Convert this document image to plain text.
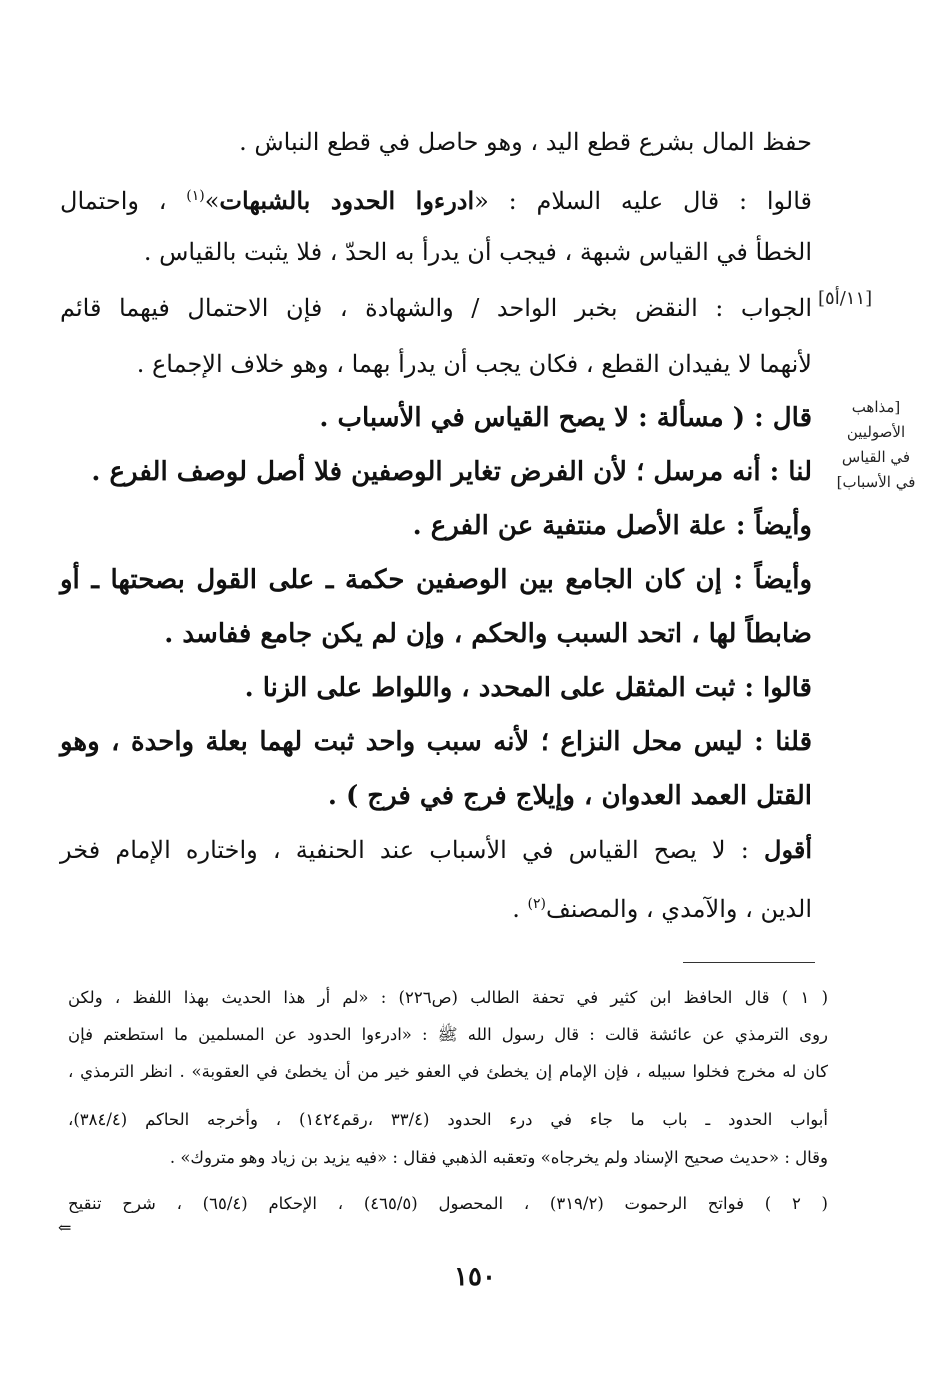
حفظ المال بشرع قطع اليد ، وهو حاصل في قطع النباش .
قالوا : قال عليه السلام : «ادرءوا الحدود بالشبهات»$^{(١)}$ ، واحتمال
الخطأ في القياس شبهة ، فيجب أن يدرأ به الحدّ ، فلا يثبت بالقياس .
الجواب : النقض بخبر الواحد / والشهادة ، فإن الاحتمال فيهما قائم
لأنهما لا يفيدان القطع ، فكان يجب أن يدرأ بهما ، وهو خلاف الإجماع .
قال : ( مسألة : لا يصح القياس في الأسباب .
لنا : أنه مرسل ؛ لأن الفرض تغاير الوصفين فلا أصل لوصف الفرع .
وأيضاً : علة الأصل منتفية عن الفرع .
وأيضاً : إن كان الجامع بين الوصفين حكمة ـ على القول بصحتها ـ أو
ضابطاً لها ، اتحد السبب والحكم ، وإن لم يكن جامع ففاسد .
قالوا : ثبت المثقل على المحدد ، واللواط على الزنا .
قلنا : ليس محل النزاع ؛ لأنه سبب واحد ثبت لهما بعلة واحدة ، وهو
القتل العمد العدوان ، وإيلاج فرج في فرج ) .
أقول : لا يصح القياس في الأسباب عند الحنفية ، واختاره الإمام فخر
الدين ، والآمدي ، والمصنف$^{(٢)}$ .
[١١/أ٥]
[مذاهب
الأصوليين
في القياس
في الأسباب]
( ١ ) قال الحافظ ابن كثير في تحفة الطالب (ص٢٢٦) : «لم أر هذا الحديث بهذا اللفظ ، ولكن
روى الترمذي عن عائشة قالت : قال رسول الله ﷺ : «ادرءوا الحدود عن المسلمين ما استطعتم فإن
كان له مخرج فخلوا سبيله ، فإن الإمام إن يخطئ في العفو خير من أن يخطئ في العقوبة» . انظر الترمذي ،
أبواب الحدود ـ باب ما جاء في درء الحدود (٣٣/٤ ،رقم١٤٢٤) ، وأخرجه الحاكم (٣٨٤/٤)،
وقال : «حديث صحيح الإسناد ولم يخرجاه» وتعقبه الذهبي فقال : «فيه يزيد بن زياد وهو متروك» .
( ٢ ) فواتح الرحموت (٣١٩/٢) ، المحصول (٤٦٥/٥) ، الإحكام (٦٥/٤) ، شرح تنقيح
⇐
١٥٠
